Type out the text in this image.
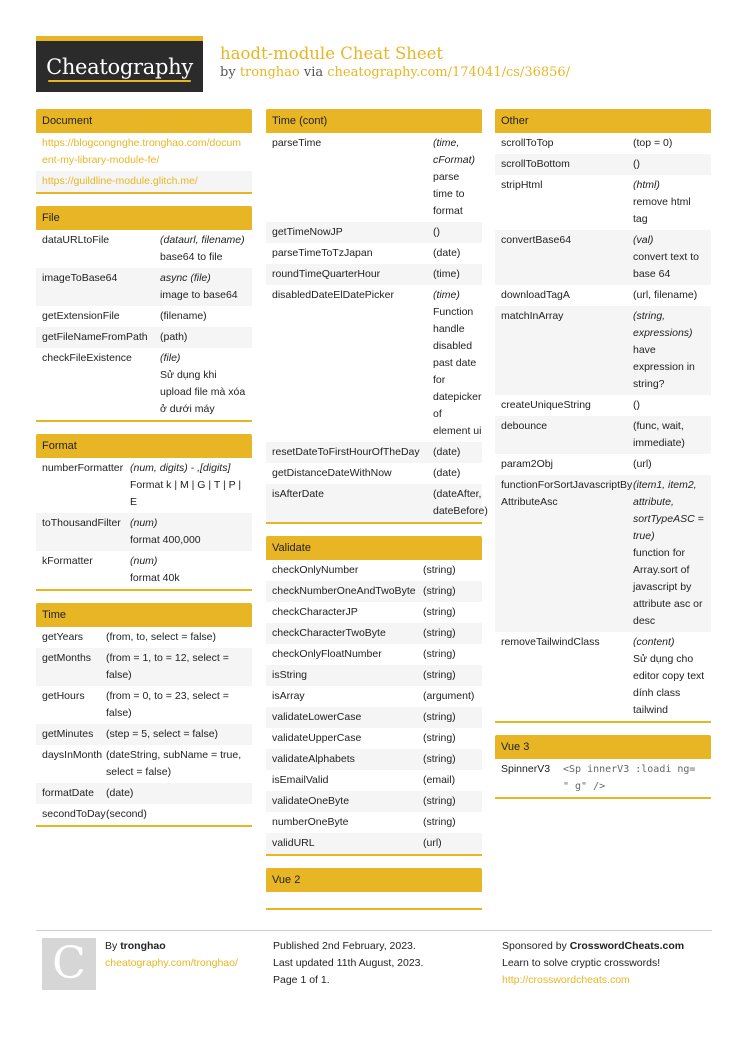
Cheatography
haodt-module Cheat Sheet
by tronghao via cheatography.com/174041/cs/36856/
Document
https://blogcongnghe.tronghao.com/document-my-library-module-fe/
https://guildline-module.glitch.me/
File
dataURLtoFile	(dataurl, filename)
base64 to file
imageToBase64	async (file)
image to base64
getExtensionFile	(filename)
getFileNameFromPath	(path)
checkFileExistence	(file)
Sử dụng khi upload file mà xóa ở dưới máy
Format
numberFormatter (num, digits) - ,[digits]
Format k | M | G | T | P | E
toThousandFilter (num)
format 400,000
kFormatter	(num)
format 40k
Time
getYears	(from, to, select = false)
getMonths	(from = 1, to = 12, select = false)
getHours	(from = 0, to = 23, select = false)
getMinutes	(step = 5, select = false)
daysInMonth (dateString, subName = true, select = false)
formatDate	(date)
secondToDay (second)
Time (cont)
parseTime	(time, cFormat)
parse time to format
getTimeNowJP	()
parseTimeToTzJapan	(date)
roundTimeQuarterHour	(time)
disabledDateElDatePicker	(time)
Function handle disabled past date for datepicker of element ui
resetDateToFirstHourOfTheDay	(date)
getDistanceDateWithNow	(date)
isAfterDate	(dateAfter, dateBefore)
Validate
checkOnlyNumber	(string)
checkNumberOneAndTwoByte (string)
checkCharacterJP	(string)
checkCharacterTwoByte	(string)
checkOnlyFloatNumber	(string)
isString	(string)
isArray	(argument)
validateLowerCase	(string)
validateUpperCase	(string)
validateAlphabets	(string)
isEmailValid	(email)
validateOneByte	(string)
numberOneByte	(string)
validURL	(url)
Vue 2
Other
scrollToTop	(top = 0)
scrollToBottom	()
stripHtml	(html)
remove html tag
convertBase64	(val)
convert text to base 64
downloadTagA	(url, filename)
matchInArray	(string, expressions)
have expression in string?
createUniqueString	()
debounce	(func, wait, immediate)
param2Obj	(url)
functionForSortJavascriptByAttributeAsc
(item1, item2, attribute, sortTypeASC = true)
function for Array.sort of javascript by attribute asc or desc
removeTailwindClass	(content)
Sử dụng cho editor copy text dính class tailwind
Vue 3
SpinnerV3	<Sp innerV3 :loadi ng= " g" />
C By tronghao
cheatography.com/tronghao/
Published 2nd February, 2023.
Last updated 11th August, 2023.
Page 1 of 1.
Sponsored by CrosswordCheats.com
Learn to solve cryptic crosswords!
http://crosswordcheats.com
